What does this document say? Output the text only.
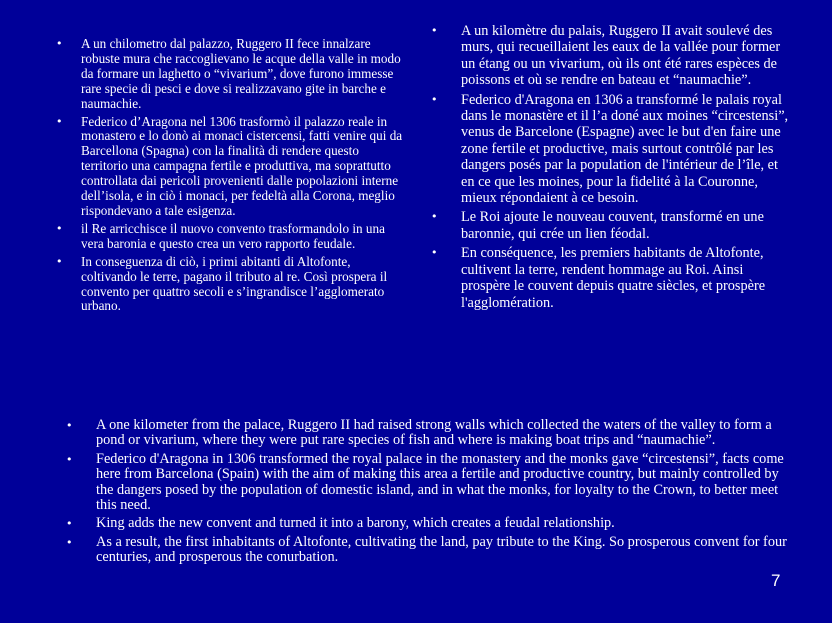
• A un chilometro dal palazzo, Ruggero II fece innalzare robuste mura che raccoglievano le acque della valle in modo da formare un laghetto o “vivarium”, dove furono immesse rare specie di pesci e dove si realizzavano gite in barche e naumachie.
• Federico d’Aragona nel 1306 trasformò il palazzo reale in monastero e lo donò ai monaci cistercensi, fatti venire qui da Barcellona (Spagna) con la finalità di rendere questo territorio una campagna fertile e produttiva, ma soprattutto controllata dai pericoli provenienti dalle popolazioni interne dell’isola, e in ciò i monaci, per fedeltà alla Corona, meglio rispondevano a tale esigenza.
• il Re arricchisce il nuovo convento trasformandolo in una vera baronia e questo crea un vero rapporto feudale.
• In conseguenza di ciò, i primi abitanti di Altofonte, coltivando le terre, pagano il tributo al re. Così prospera il convento per quattro secoli e s’ingrandisce l’agglomerato urbano.
• A un kilomètre du palais, Ruggero II avait soulevé des murs, qui recueillaient les eaux de la vallée pour former un étang ou un vivarium, où ils ont été rares espèces de poissons et où se rendre en bateau et “naumachie”.
• Federico d'Aragona en 1306 a transformé le palais royal dans le monastère et il l’a doné aux moines “circestensi”, venus de Barcelone (Espagne) avec le but d'en faire une zone fertile et productive, mais surtout contrôlé par les dangers posés par la population de l'intérieur de l’île, et en ce que les moines, pour la fidelité à la Couronne, mieux répondaient à ce besoin.
• Le Roi ajoute le nouveau couvent, transformé en une baronnie, qui crée un lien féodal.
• En conséquence, les premiers habitants de Altofonte, cultivent la terre, rendent hommage au Roi. Ainsi prospère le couvent depuis quatre siècles, et prospère l'agglomération.
• A one kilometer from the palace, Ruggero II had raised strong walls which collected the waters of the valley to form a pond or vivarium, where they were put rare species of fish and where is making boat trips and “naumachie”.
• Federico d'Aragona in 1306 transformed the royal palace in the monastery and the monks gave “circestensi”, facts come here from Barcelona (Spain) with the aim of making this area a fertile and productive country, but mainly controlled by the dangers posed by the population of domestic island, and in what the monks, for loyalty to the Crown, to better meet this need.
• King adds the new convent and turned it into a barony, which creates a feudal relationship.
• As a result, the first inhabitants of Altofonte, cultivating the land, pay tribute to the King. So prosperous convent for four centuries, and prosperous the conurbation.
7
